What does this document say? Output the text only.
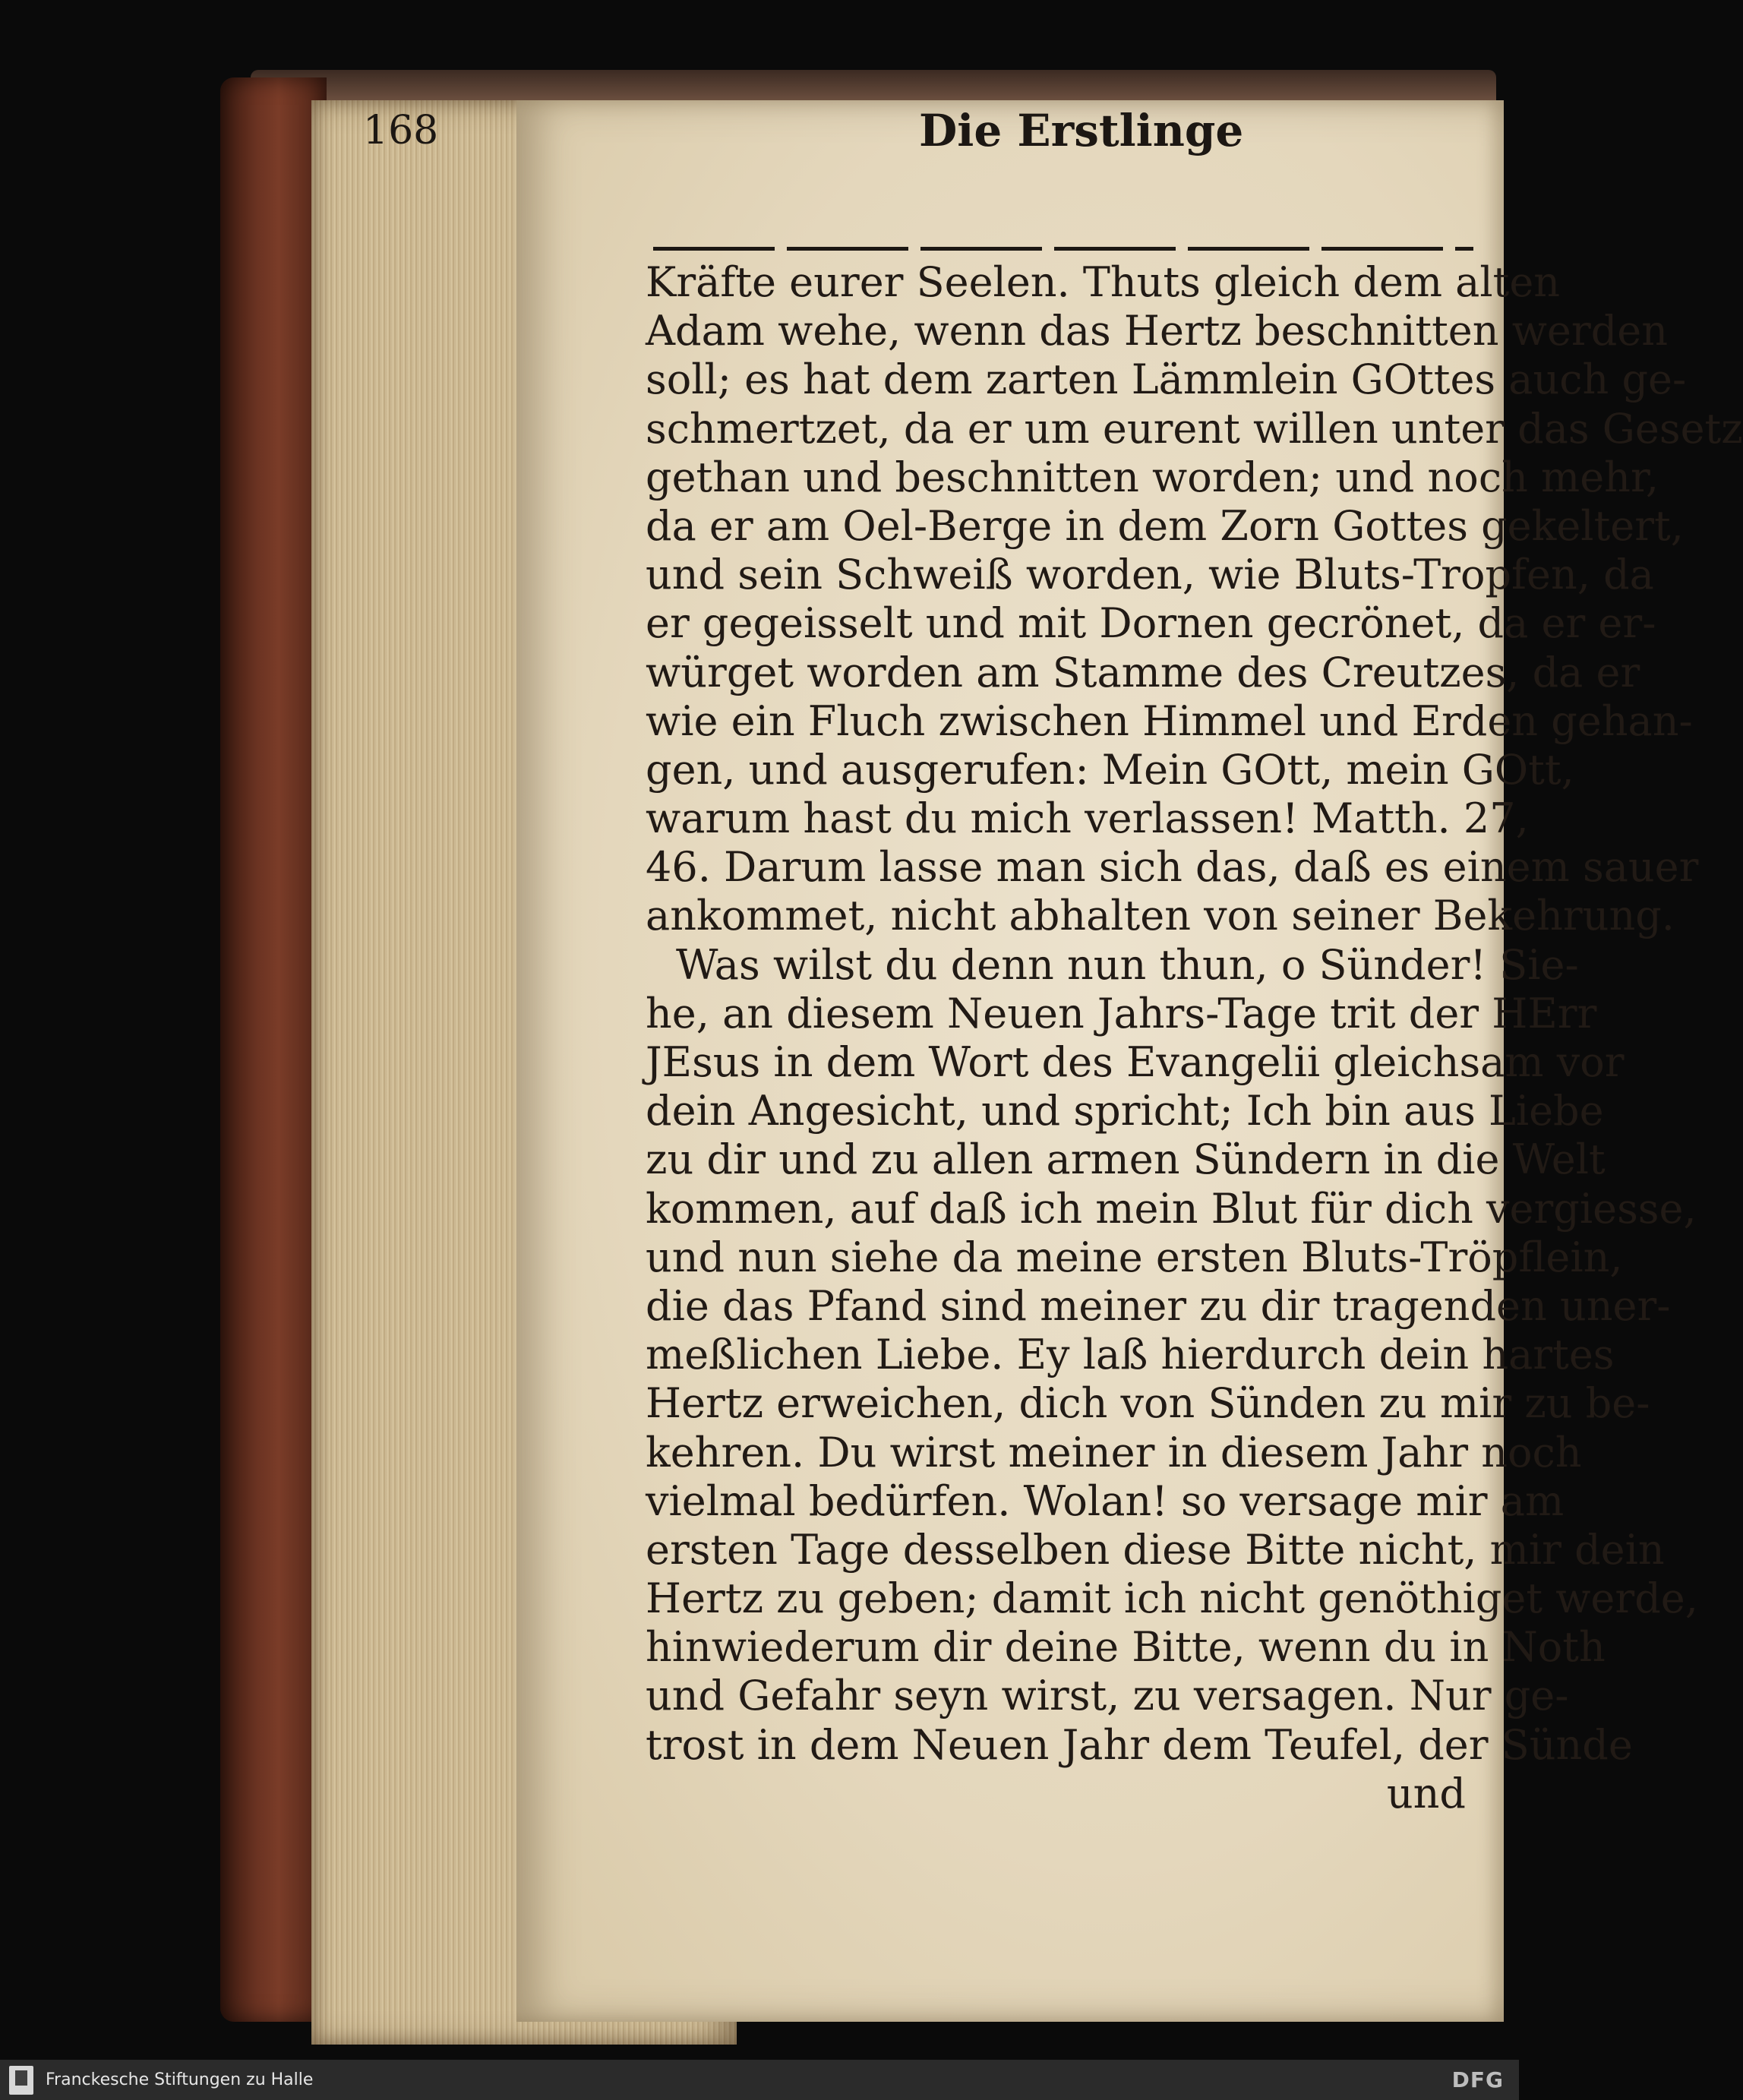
168	Die Erstlinge
Kräfte eurer Seelen. Thuts gleich dem alten
Adam wehe, wenn das Hertz beschnitten werden
soll; es hat dem zarten Lämmlein GOttes auch ge-
schmertzet, da er um eurent willen unter das Gesetz
gethan und beschnitten worden; und noch mehr,
da er am Oel-Berge in dem Zorn Gottes gekeltert,
und sein Schweiß worden, wie Bluts-Tropfen, da
er gegeisselt und mit Dornen gecrönet, da er er-
würget worden am Stamme des Creutzes, da er
wie ein Fluch zwischen Himmel und Erden gehan-
gen, und ausgerufen: Mein GOtt, mein GOtt,
warum hast du mich verlassen! Matth. 27,
46. Darum lasse man sich das, daß es einem sauer
ankommet, nicht abhalten von seiner Bekehrung.
Was wilst du denn nun thun, o Sünder! Sie-
he, an diesem Neuen Jahrs-Tage trit der HErr
JEsus in dem Wort des Evangelii gleichsam vor
dein Angesicht, und spricht; Ich bin aus Liebe
zu dir und zu allen armen Sündern in die Welt
kommen, auf daß ich mein Blut für dich vergiesse,
und nun siehe da meine ersten Bluts-Tröpflein,
die das Pfand sind meiner zu dir tragenden uner-
meßlichen Liebe. Ey laß hierdurch dein hartes
Hertz erweichen, dich von Sünden zu mir zu be-
kehren. Du wirst meiner in diesem Jahr noch
vielmal bedürfen. Wolan! so versage mir am
ersten Tage desselben diese Bitte nicht, mir dein
Hertz zu geben; damit ich nicht genöthiget werde,
hinwiederum dir deine Bitte, wenn du in Noth
und Gefahr seyn wirst, zu versagen. Nur ge-
trost in dem Neuen Jahr dem Teufel, der Sünde
und
Franckesche Stiftungen zu Halle	DFG
